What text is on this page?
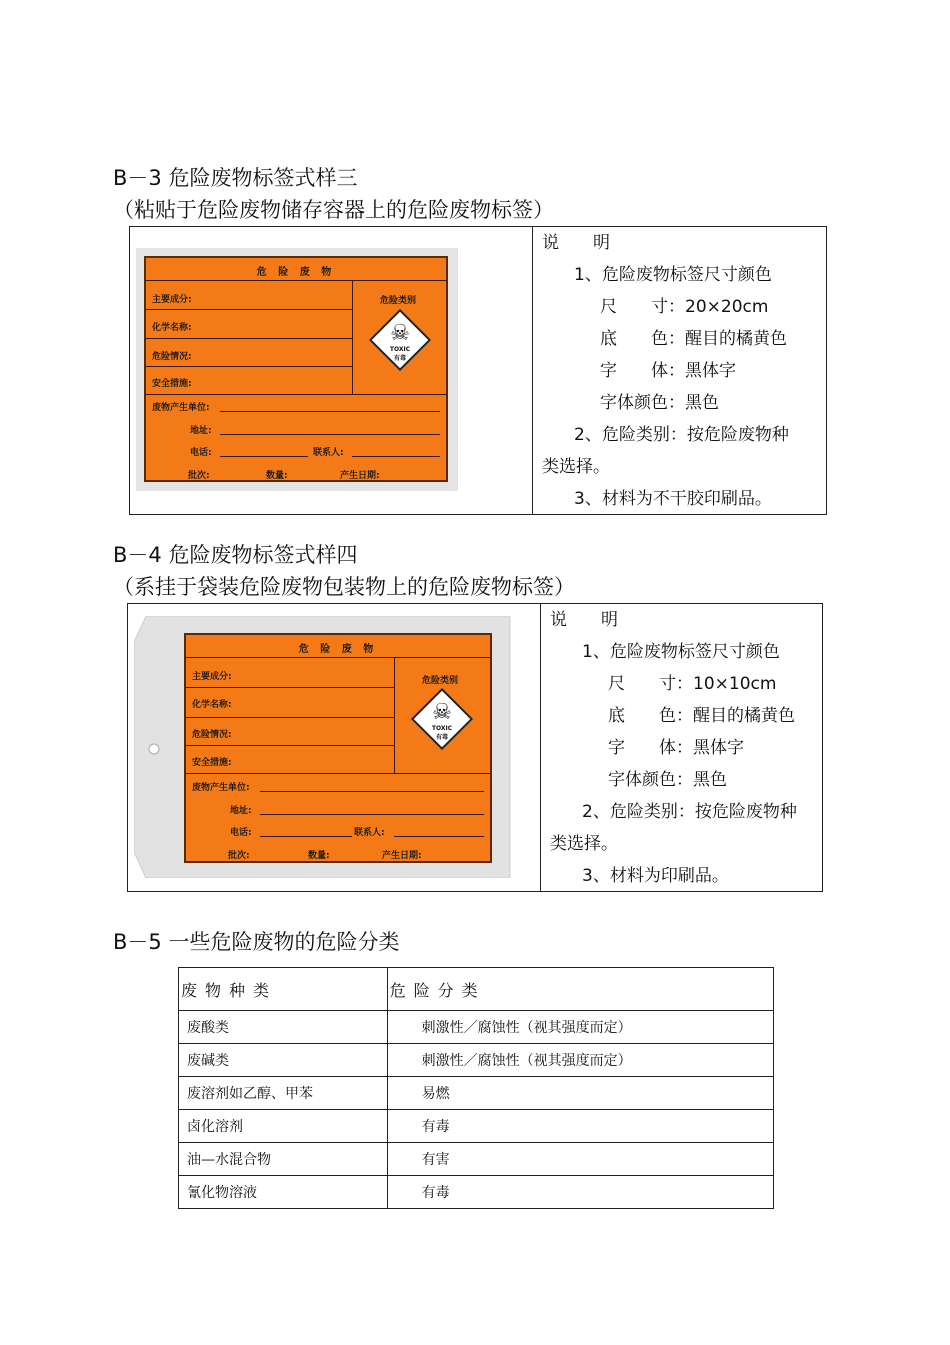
B－3 危险废物标签式样三
（粘贴于危险废物储存容器上的危险废物标签）
危 险 废 物
主要成分:
化学名称:
危险情况:
安全措施:
危险类别
☠
TOXIC
有毒
废物产生单位:
地址:
电话:	联系人:
批次:	数量:	产生日期:
说　　明
1、危险废物标签尺寸颜色
尺　　寸：20×20cm
底　　色：醒目的橘黄色
字　　体：黑体字
字体颜色：黑色
2、危险类别：按危险废物种
类选择。
3、材料为不干胶印刷品。
B－4 危险废物标签式样四
（系挂于袋装危险废物包装物上的危险废物标签）
危 险 废 物
主要成分:
化学名称:
危险情况:
安全措施:
危险类别
☠
TOXIC
有毒
废物产生单位:
地址:
电话:	联系人:
批次:	数量:	产生日期:
说　　明
1、危险废物标签尺寸颜色
尺　　寸：10×10cm
底　　色：醒目的橘黄色
字　　体：黑体字
字体颜色：黑色
2、危险类别：按危险废物种
类选择。
3、材料为印刷品。
B－5 一些危险废物的危险分类
废物种类	危险分类
废酸类	刺激性／腐蚀性（视其强度而定）
废碱类	刺激性／腐蚀性（视其强度而定）
废溶剂如乙醇、甲苯	易燃
卤化溶剂	有毒
油—水混合物	有害
氰化物溶液	有毒
